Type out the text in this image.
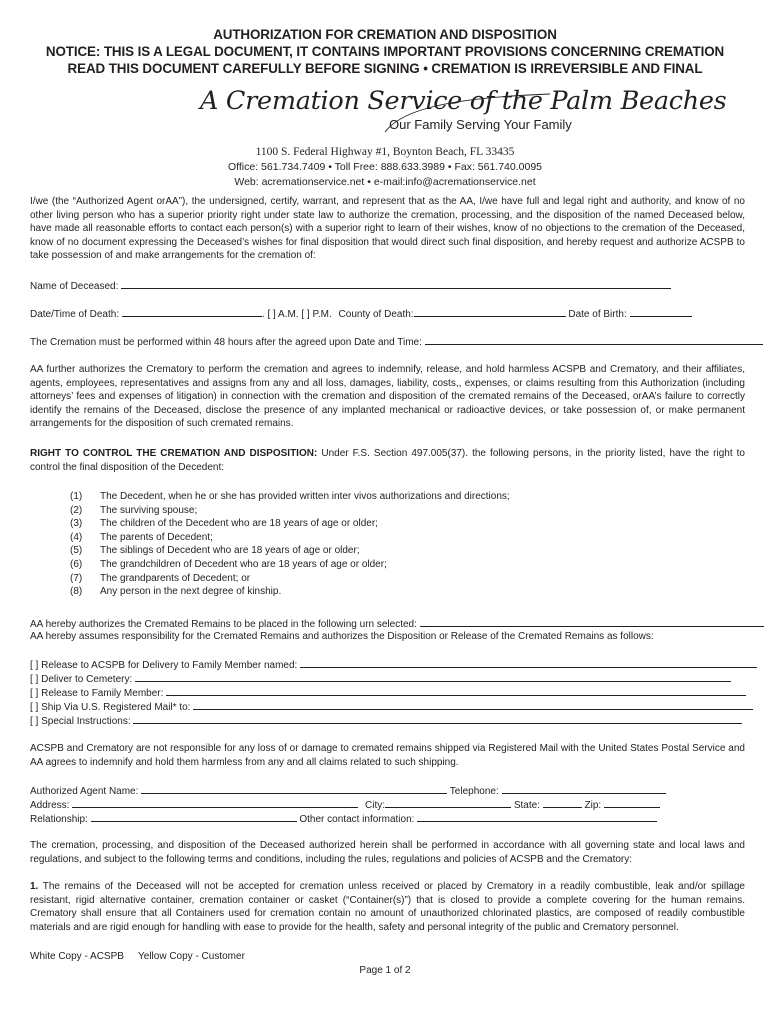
AUTHORIZATION FOR CREMATION AND DISPOSITION
NOTICE: THIS IS A LEGAL DOCUMENT, IT CONTAINS IMPORTANT PROVISIONS CONCERNING CREMATION
READ THIS DOCUMENT CAREFULLY BEFORE SIGNING • CREMATION IS IRREVERSIBLE AND FINAL
A Cremation Service of the Palm Beaches
Our Family Serving Your Family
1100 S. Federal Highway #1, Boynton Beach, FL 33435
Office: 561.734.7409 • Toll Free: 888.633.3989 • Fax: 561.740.0095
Web: acremationservice.net • e-mail:info@acremationservice.net
I/we (the “Authorized Agent orAA”), the undersigned, certify, warrant, and represent that as the AA, I/we have full and legal right and authority, and know of no other living person who has a superior priority right under state law to authorize the cremation, processing, and the disposition of the named Deceased below, have made all reasonable efforts to contact each person(s) with a superior right to learn of their wishes, know of no objections to the cremation of the Deceased, know of no document expressing the Deceased’s wishes for final disposition that would direct such final disposition, and hereby request and authorize ACSPB to take possession of and make arrangements for the cremation of:
Name of Deceased:
Date/Time of Death:	. [ ] A.M. [ ] P.M. County of Death:	Date of Birth:
The Cremation must be performed within 48 hours after the agreed upon Date and Time:
AA further authorizes the Crematory to perform the cremation and agrees to indemnify, release, and hold harmless ACSPB and Crematory, and their affiliates, agents, employees, representatives and assigns from any and all loss, damages, liability, costs,, expenses, or claims resulting from this Authorization (including attorneys’ fees and expenses of litigation) in connection with the cremation and disposition of the cremated remains of the Deceased, orAA’s failure to correctly identify the remains of the Deceased, disclose the presence of any implanted mechanical or radioactive devices, or take possession of, or make permanent arrangements for the disposition of such cremated remains.
RIGHT TO CONTROL THE CREMATION AND DISPOSITION: Under F.S. Section 497.005(37). the following persons, in the priority listed, have the right to control the final disposition of the Decedent:
(1)	The Decedent, when he or she has provided written inter vivos authorizations and directions;
(2)	The surviving spouse;
(3)	The children of the Decedent who are 18 years of age or older;
(4)	The parents of Decedent;
(5)	The siblings of Decedent who are 18 years of age or older;
(6)	The grandchildren of Decedent who are 18 years of age or older;
(7)	The grandparents of Decedent; or
(8)	Any person in the next degree of kinship.
AA hereby authorizes the Cremated Remains to be placed in the following urn selected:
AA hereby assumes responsibility for the Cremated Remains and authorizes the Disposition or Release of the Cremated Remains as follows:
[ ] Release to ACSPB for Delivery to Family Member named:
[ ] Deliver to Cemetery:
[ ] Release to Family Member:
[ ] Ship Via U.S. Registered Mail* to:
[ ] Special Instructions:
ACSPB and Crematory are not responsible for any loss of or damage to cremated remains shipped via Registered Mail with the United States Postal Service and AA agrees to indemnify and hold them harmless from any and all claims related to such shipping.
Authorized Agent Name:	Telephone:
Address:	City:	State:	Zip:
Relationship:	Other contact information:
The cremation, processing, and disposition of the Deceased authorized herein shall be performed in accordance with all governing state and local laws and regulations, and subject to the following terms and conditions, including the rules, regulations and policies of ACSPB and the Crematory:
1. The remains of the Deceased will not be accepted for cremation unless received or placed by Crematory in a readily combustible, leak and/or spillage resistant, rigid alternative container, cremation container or casket (“Container(s)”) that is closed to provide a complete covering for the human remains. Crematory shall ensure that all Containers used for cremation contain no amount of unauthorized chlorinated plastics, are composed of readily combustible materials and are rigid enough for handling with ease to provide for the health, safety and personal integrity of the public and Crematory personnel.
White Copy - ACSPB Yellow Copy - Customer
Page 1 of 2
